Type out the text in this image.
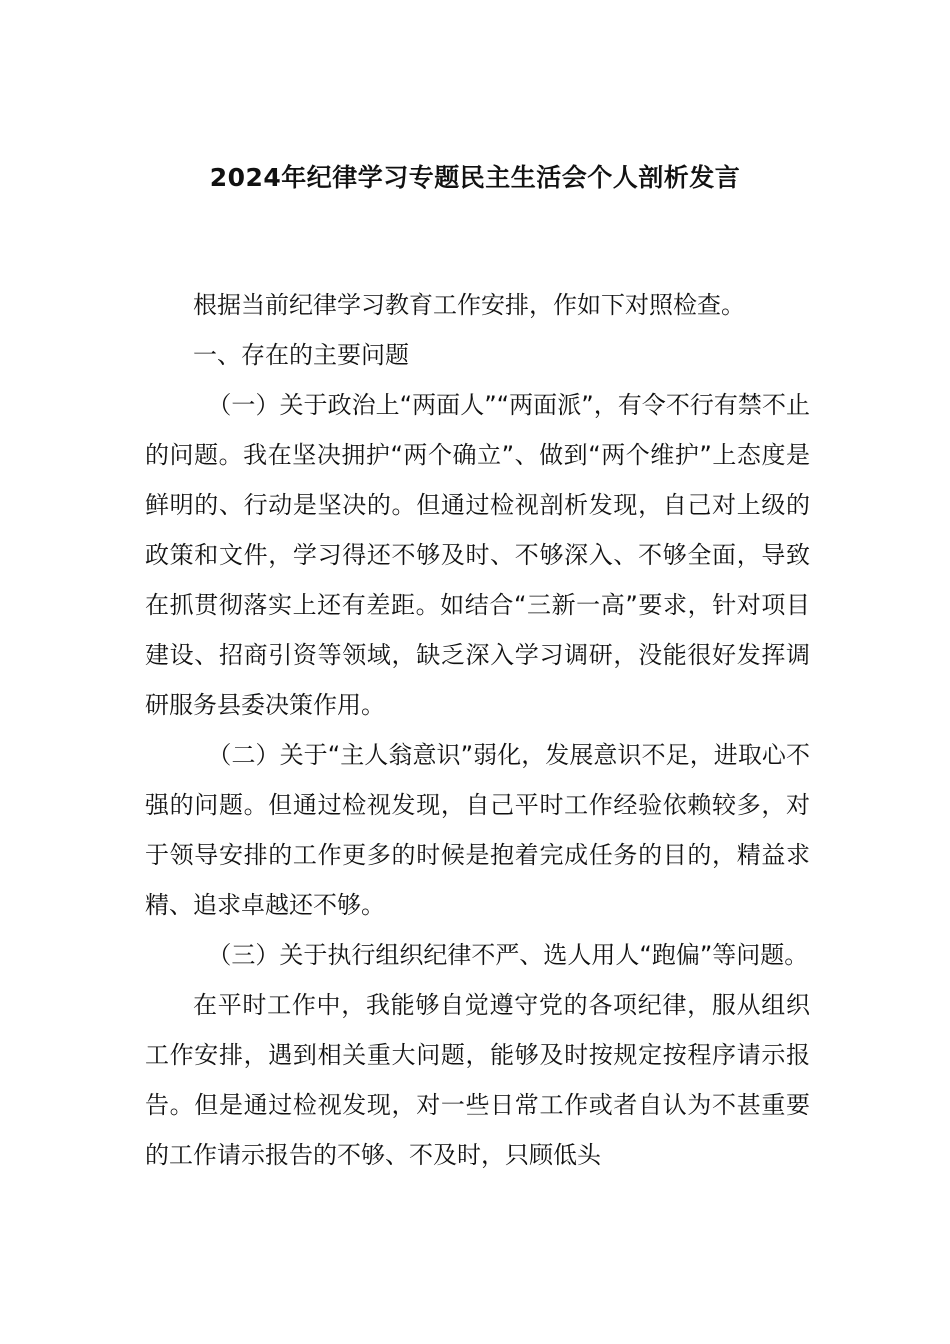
2024年纪律学习专题民主生活会个人剖析发言

根据当前纪律学习教育工作安排，作如下对照检查。

一、存在的主要问题

（一）关于政治上“两面人”“两面派”，有令不行有禁不止的问题。我在坚决拥护“两个确立”、做到“两个维护”上态度是鲜明的、行动是坚决的。但通过检视剖析发现，自己对上级的政策和文件，学习得还不够及时、不够深入、不够全面，导致在抓贯彻落实上还有差距。如结合“三新一高”要求，针对项目建设、招商引资等领域，缺乏深入学习调研，没能很好发挥调研服务县委决策作用。

（二）关于“主人翁意识”弱化，发展意识不足，进取心不强的问题。但通过检视发现，自己平时工作经验依赖较多，对于领导安排的工作更多的时候是抱着完成任务的目的，精益求精、追求卓越还不够。

（三）关于执行组织纪律不严、选人用人“跑偏”等问题。

在平时工作中，我能够自觉遵守党的各项纪律，服从组织工作安排，遇到相关重大问题，能够及时按规定按程序请示报告。但是通过检视发现，对一些日常工作或者自认为不甚重要的工作请示报告的不够、不及时，只顾低头
